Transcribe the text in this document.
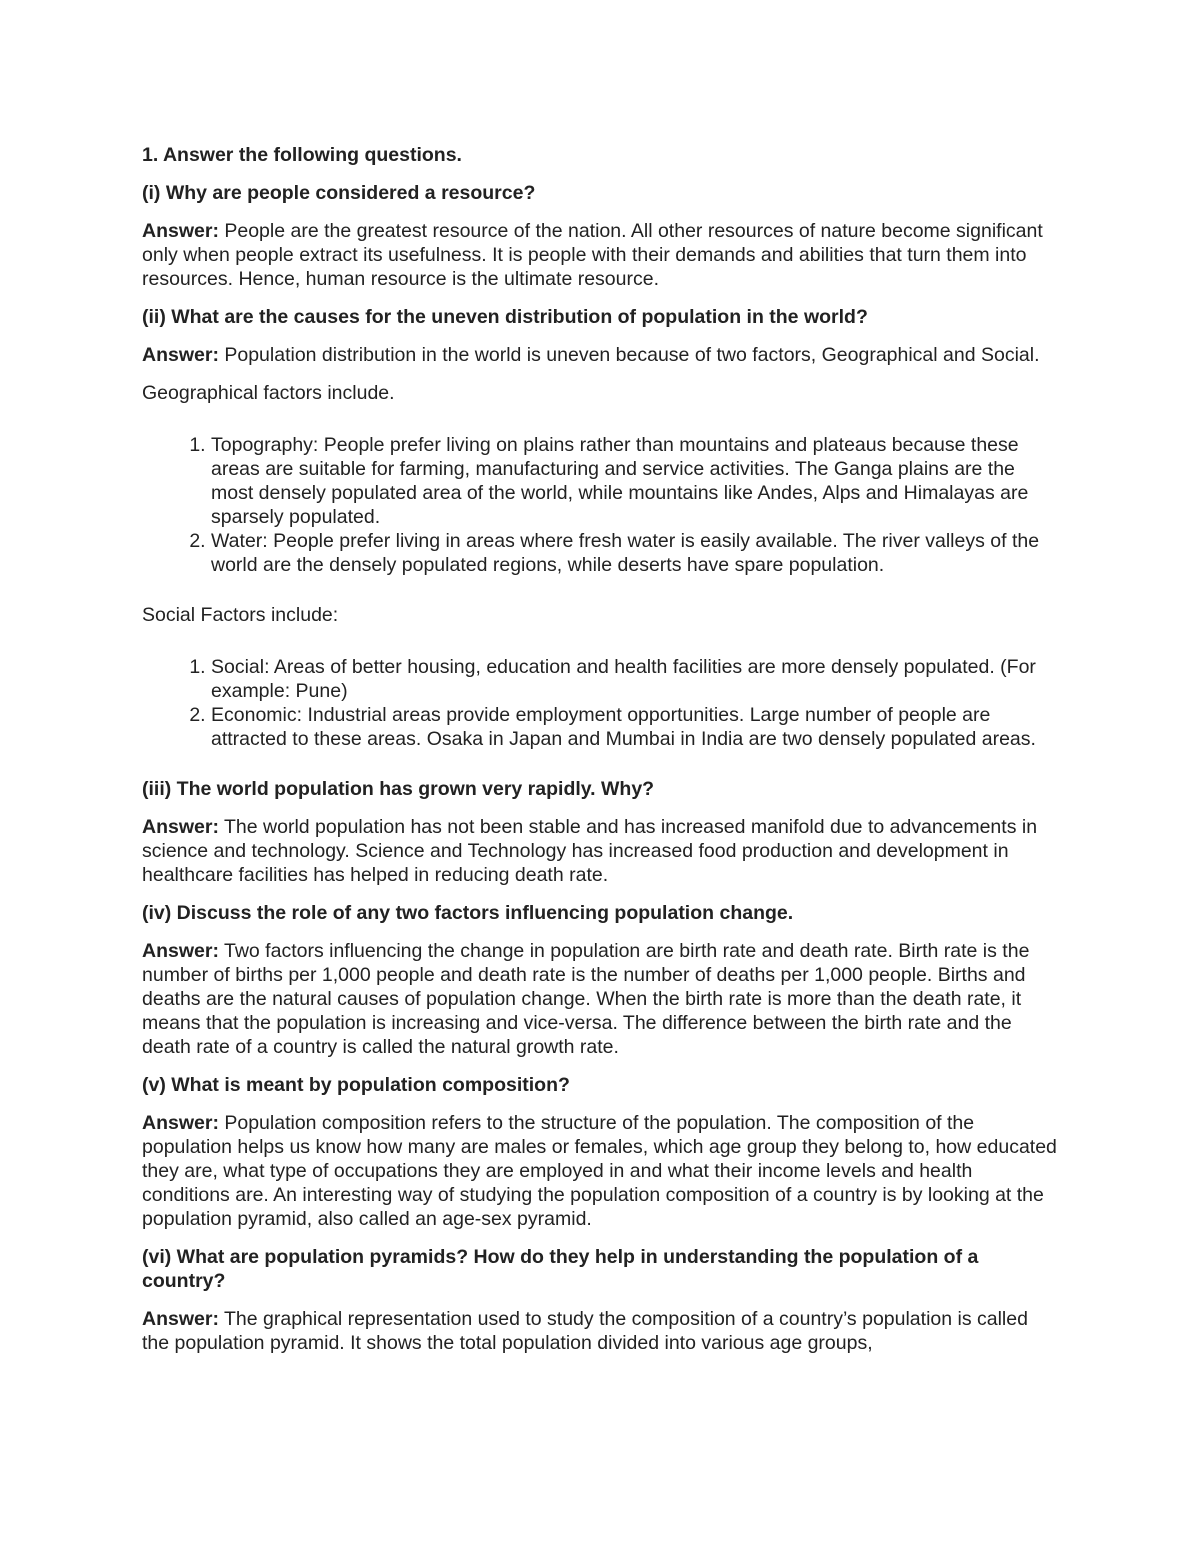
1. Answer the following questions.

(i) Why are people considered a resource?

Answer: People are the greatest resource of the nation. All other resources of nature become significant only when people extract its usefulness. It is people with their demands and abilities that turn them into resources. Hence, human resource is the ultimate resource.

(ii) What are the causes for the uneven distribution of population in the world?

Answer: Population distribution in the world is uneven because of two factors, Geographical and Social.

Geographical factors include.

1. Topography: People prefer living on plains rather than mountains and plateaus because these areas are suitable for farming, manufacturing and service activities. The Ganga plains are the most densely populated area of the world, while mountains like Andes, Alps and Himalayas are sparsely populated.
2. Water: People prefer living in areas where fresh water is easily available. The river valleys of the world are the densely populated regions, while deserts have spare population.

Social Factors include:

1. Social: Areas of better housing, education and health facilities are more densely populated. (For example: Pune)
2. Economic: Industrial areas provide employment opportunities. Large number of people are attracted to these areas. Osaka in Japan and Mumbai in India are two densely populated areas.

(iii) The world population has grown very rapidly. Why?

Answer: The world population has not been stable and has increased manifold due to advancements in science and technology. Science and Technology has increased food production and development in healthcare facilities has helped in reducing death rate.

(iv) Discuss the role of any two factors influencing population change.

Answer: Two factors influencing the change in population are birth rate and death rate. Birth rate is the number of births per 1,000 people and death rate is the number of deaths per 1,000 people. Births and deaths are the natural causes of population change. When the birth rate is more than the death rate, it means that the population is increasing and vice-versa. The difference between the birth rate and the death rate of a country is called the natural growth rate.

(v) What is meant by population composition?

Answer: Population composition refers to the structure of the population. The composition of the population helps us know how many are males or females, which age group they belong to, how educated they are, what type of occupations they are employed in and what their income levels and health conditions are. An interesting way of studying the population composition of a country is by looking at the population pyramid, also called an age-sex pyramid.

(vi) What are population pyramids? How do they help in understanding the population of a country?

Answer: The graphical representation used to study the composition of a country’s population is called the population pyramid. It shows the total population divided into various age groups,
